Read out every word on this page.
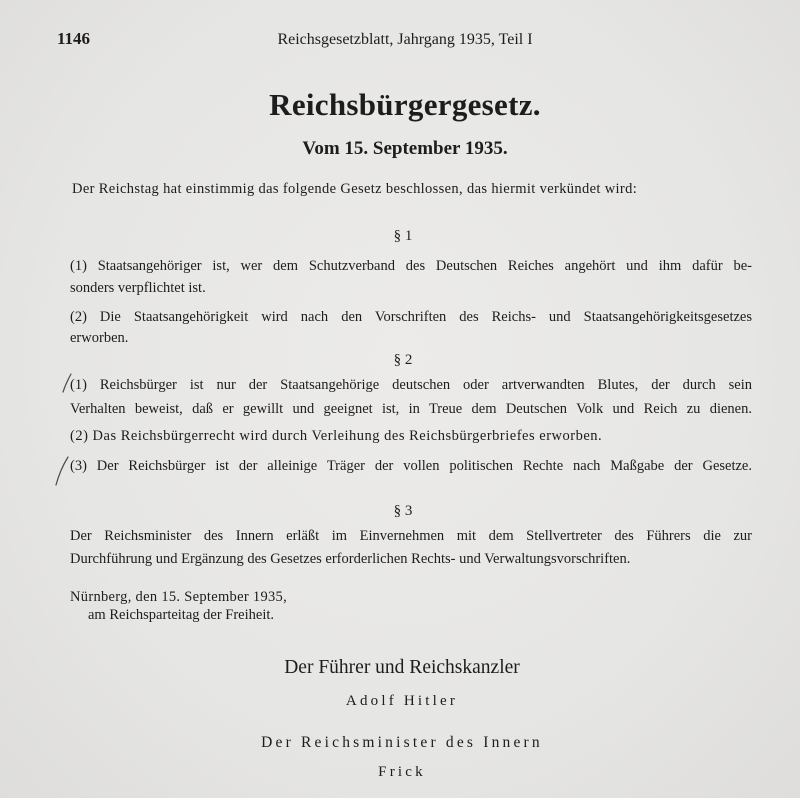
1146	Reichsgesetzblatt, Jahrgang 1935, Teil I
Reichsbürgergesetz.
Vom 15. September 1935.
Der Reichstag hat einstimmig das folgende Gesetz beschlossen, das hiermit verkündet wird:
§ 1
(1) Staatsangehöriger ist, wer dem Schutzverband des Deutschen Reiches angehört und ihm dafür be-
sonders verpflichtet ist.
(2) Die Staatsangehörigkeit wird nach den Vorschriften des Reichs- und Staatsangehörigkeitsgesetzes
erworben.
§ 2
(1) Reichsbürger ist nur der Staatsangehörige deutschen oder artverwandten Blutes, der durch sein
Verhalten beweist, daß er gewillt und geeignet ist, in Treue dem Deutschen Volk und Reich zu dienen.
(2) Das Reichsbürgerrecht wird durch Verleihung des Reichsbürgerbriefes erworben.
(3) Der Reichsbürger ist der alleinige Träger der vollen politischen Rechte nach Maßgabe der Gesetze.
§ 3
Der Reichsminister des Innern erläßt im Einvernehmen mit dem Stellvertreter des Führers die zur
Durchführung und Ergänzung des Gesetzes erforderlichen Rechts- und Verwaltungsvorschriften.
Nürnberg, den 15. September 1935,
am Reichsparteitag der Freiheit.
Der Führer und Reichskanzler
Adolf Hitler
Der Reichsminister des Innern
Frick
